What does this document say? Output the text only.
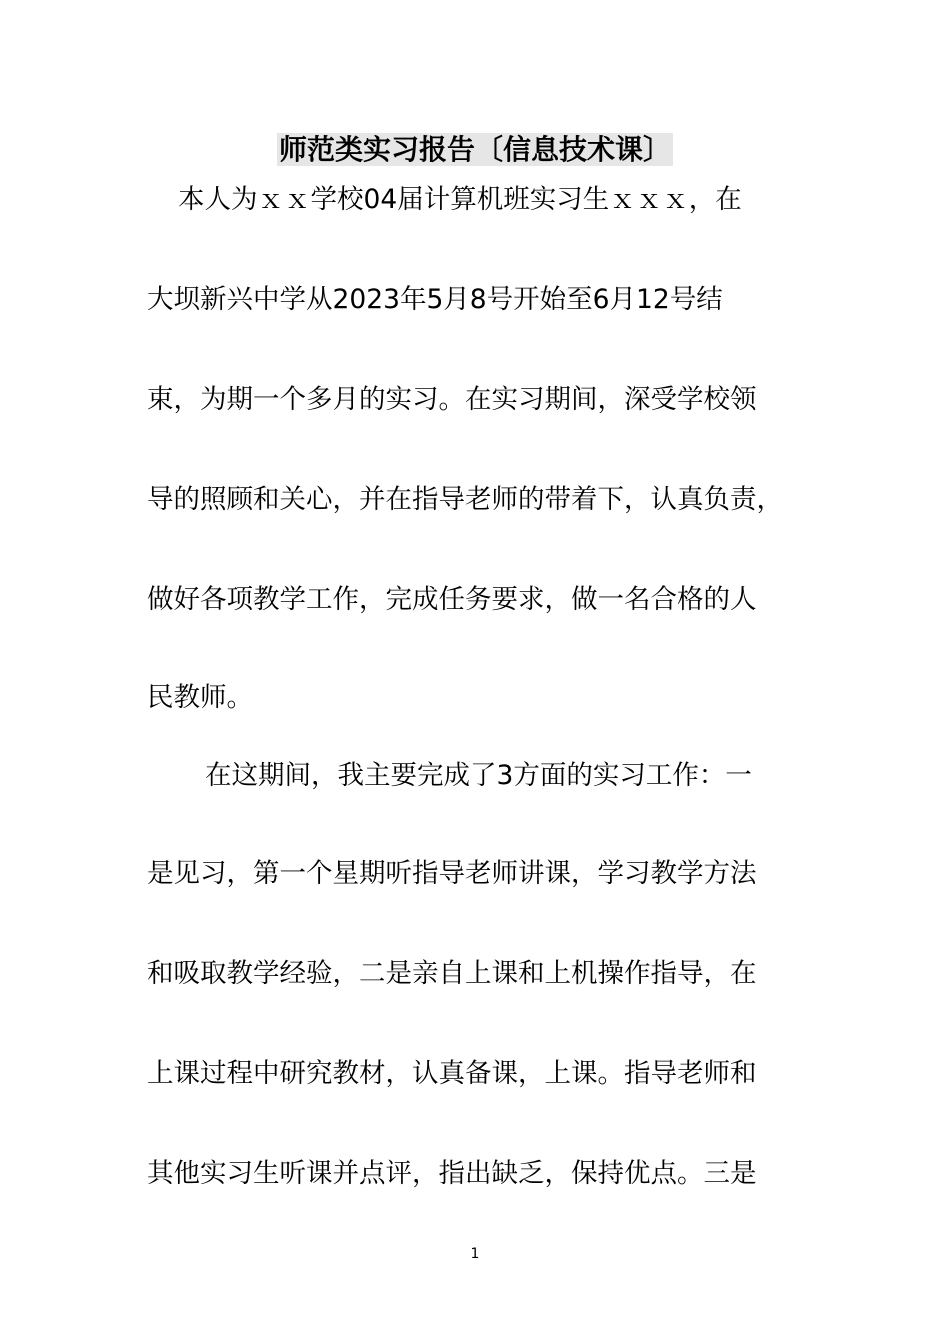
师范类实习报告〔信息技术课〕

本人为ｘｘ学校04届计算机班实习生ｘｘｘ，在

大坝新兴中学从2023年5月8号开始至6月12号结

束，为期一个多月的实习。在实习期间，深受学校领

导的照顾和关心，并在指导老师的带着下，认真负责，

做好各项教学工作，完成任务要求，做一名合格的人

民教师。

在这期间，我主要完成了3方面的实习工作：一

是见习，第一个星期听指导老师讲课，学习教学方法

和吸取教学经验，二是亲自上课和上机操作指导，在

上课过程中研究教材，认真备课，上课。指导老师和

其他实习生听课并点评，指出缺乏，保持优点。三是

1
